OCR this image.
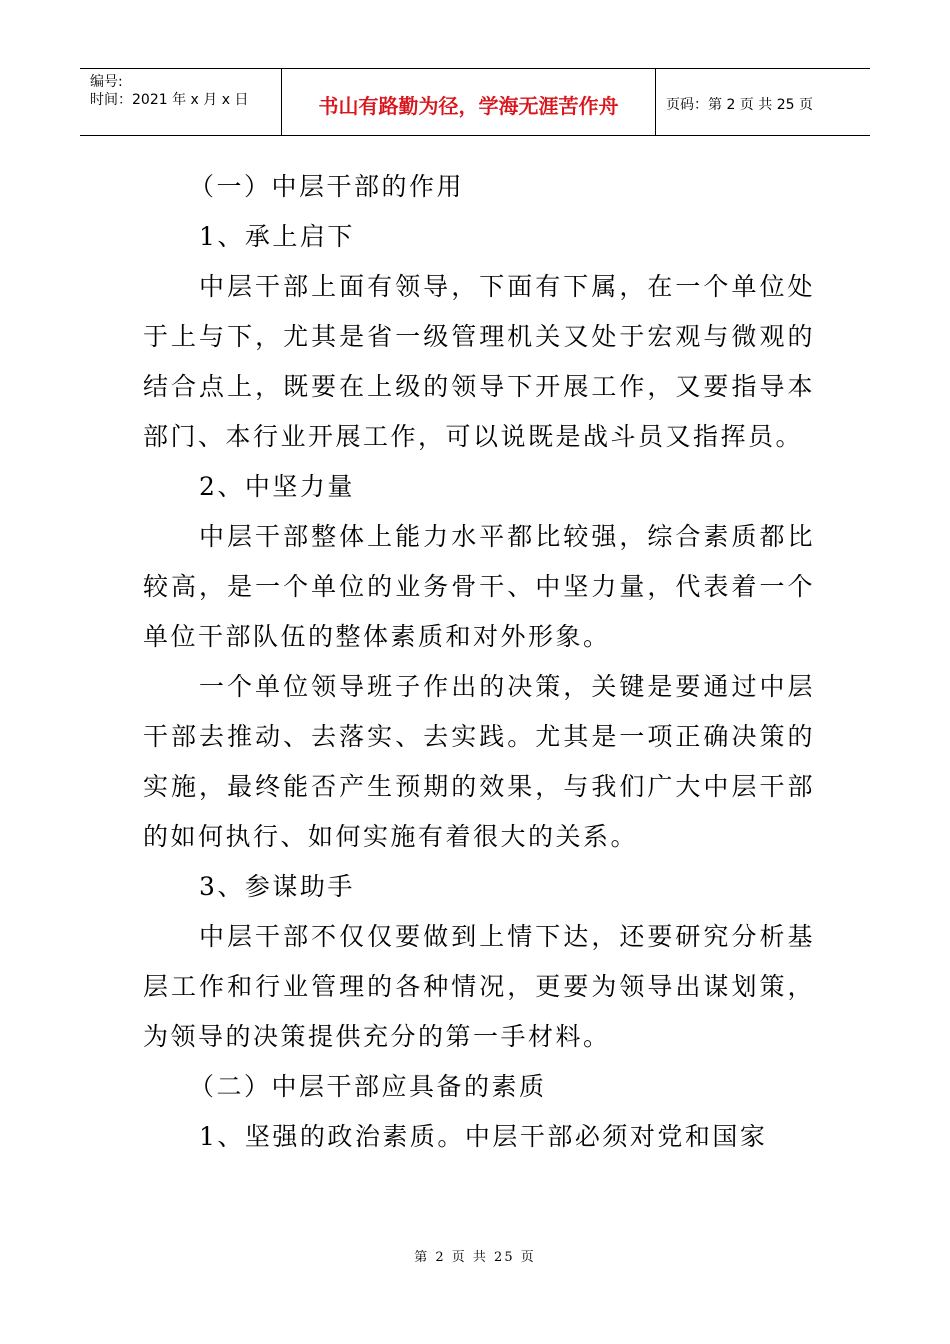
编号:
时间：2021 年 x 月 x 日	书山有路勤为径，学海无涯苦作舟	页码：第 2 页 共 25 页

（一）中层干部的作用

1、承上启下

中层干部上面有领导，下面有下属，在一个单位处于上与下，尤其是省一级管理机关又处于宏观与微观的结合点上，既要在上级的领导下开展工作，又要指导本部门、本行业开展工作，可以说既是战斗员又指挥员。

2、中坚力量

中层干部整体上能力水平都比较强，综合素质都比较高，是一个单位的业务骨干、中坚力量，代表着一个单位干部队伍的整体素质和对外形象。

一个单位领导班子作出的决策，关键是要通过中层干部去推动、去落实、去实践。尤其是一项正确决策的实施，最终能否产生预期的效果，与我们广大中层干部的如何执行、如何实施有着很大的关系。

3、参谋助手

中层干部不仅仅要做到上情下达，还要研究分析基层工作和行业管理的各种情况，更要为领导出谋划策，为领导的决策提供充分的第一手材料。

（二）中层干部应具备的素质

1、坚强的政治素质。中层干部必须对党和国家

第 2 页 共 25 页
